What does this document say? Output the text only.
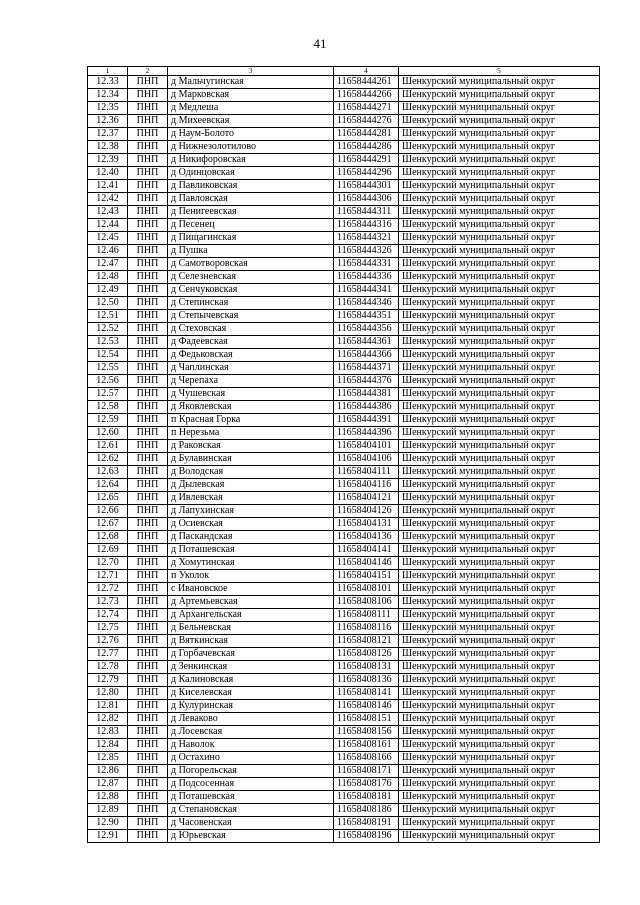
41
1	2	3	4	5
12.33	ПНП	д Мальчугинская	11658444261	Шенкурский муниципальный округ
12.34	ПНП	д Марковская	11658444266	Шенкурский муниципальный округ
12.35	ПНП	д Медлеша	11658444271	Шенкурский муниципальный округ
12.36	ПНП	д Михеевская	11658444276	Шенкурский муниципальный округ
12.37	ПНП	д Наум-Болото	11658444281	Шенкурский муниципальный округ
12.38	ПНП	д Нижнезолотилово	11658444286	Шенкурский муниципальный округ
12.39	ПНП	д Никифоровская	11658444291	Шенкурский муниципальный округ
12.40	ПНП	д Одинцовская	11658444296	Шенкурский муниципальный округ
12.41	ПНП	д Павликовская	11658444301	Шенкурский муниципальный округ
12.42	ПНП	д Павловская	11658444306	Шенкурский муниципальный округ
12.43	ПНП	д Пенигеевская	11658444311	Шенкурский муниципальный округ
12.44	ПНП	д Песенец	11658444316	Шенкурский муниципальный округ
12.45	ПНП	д Пищагинская	11658444321	Шенкурский муниципальный округ
12.46	ПНП	д Пушка	11658444326	Шенкурский муниципальный округ
12.47	ПНП	д Самотворовская	11658444331	Шенкурский муниципальный округ
12.48	ПНП	д Селезневская	11658444336	Шенкурский муниципальный округ
12.49	ПНП	д Сенчуковская	11658444341	Шенкурский муниципальный округ
12.50	ПНП	д Степинская	11658444346	Шенкурский муниципальный округ
12.51	ПНП	д Степычевская	11658444351	Шенкурский муниципальный округ
12.52	ПНП	д Стеховская	11658444356	Шенкурский муниципальный округ
12.53	ПНП	д Фадеевская	11658444361	Шенкурский муниципальный округ
12.54	ПНП	д Федьковская	11658444366	Шенкурский муниципальный округ
12.55	ПНП	д Чаплинская	11658444371	Шенкурский муниципальный округ
12.56	ПНП	д Черепаха	11658444376	Шенкурский муниципальный округ
12.57	ПНП	д Чушевская	11658444381	Шенкурский муниципальный округ
12.58	ПНП	д Яковлевская	11658444386	Шенкурский муниципальный округ
12.59	ПНП	п Красная Горка	11658444391	Шенкурский муниципальный округ
12.60	ПНП	п Нерезьма	11658444396	Шенкурский муниципальный округ
12.61	ПНП	д Раковская	11658404101	Шенкурский муниципальный округ
12.62	ПНП	д Булавинская	11658404106	Шенкурский муниципальный округ
12.63	ПНП	д Володская	11658404111	Шенкурский муниципальный округ
12.64	ПНП	д Дылевская	11658404116	Шенкурский муниципальный округ
12.65	ПНП	д Ивлевская	11658404121	Шенкурский муниципальный округ
12.66	ПНП	д Лапухинская	11658404126	Шенкурский муниципальный округ
12.67	ПНП	д Осиевская	11658404131	Шенкурский муниципальный округ
12.68	ПНП	д Паскандская	11658404136	Шенкурский муниципальный округ
12.69	ПНП	д Поташевская	11658404141	Шенкурский муниципальный округ
12.70	ПНП	д Хомутинская	11658404146	Шенкурский муниципальный округ
12.71	ПНП	п Уколок	11658404151	Шенкурский муниципальный округ
12.72	ПНП	с Ивановское	11658408101	Шенкурский муниципальный округ
12.73	ПНП	д Артемьевская	11658408106	Шенкурский муниципальный округ
12.74	ПНП	д Архангельская	11658408111	Шенкурский муниципальный округ
12.75	ПНП	д Бельневская	11658408116	Шенкурский муниципальный округ
12.76	ПНП	д Вяткинская	11658408121	Шенкурский муниципальный округ
12.77	ПНП	д Горбачевская	11658408126	Шенкурский муниципальный округ
12.78	ПНП	д Зенкинская	11658408131	Шенкурский муниципальный округ
12.79	ПНП	д Калиновская	11658408136	Шенкурский муниципальный округ
12.80	ПНП	д Киселевская	11658408141	Шенкурский муниципальный округ
12.81	ПНП	д Кулуринская	11658408146	Шенкурский муниципальный округ
12.82	ПНП	д Леваково	11658408151	Шенкурский муниципальный округ
12.83	ПНП	д Лосевская	11658408156	Шенкурский муниципальный округ
12.84	ПНП	д Наволок	11658408161	Шенкурский муниципальный округ
12.85	ПНП	д Остахино	11658408166	Шенкурский муниципальный округ
12.86	ПНП	д Погорельская	11658408171	Шенкурский муниципальный округ
12.87	ПНП	д Подсосенная	11658408176	Шенкурский муниципальный округ
12.88	ПНП	д Поташевская	11658408181	Шенкурский муниципальный округ
12.89	ПНП	д Степановская	11658408186	Шенкурский муниципальный округ
12.90	ПНП	д Часовенская	11658408191	Шенкурский муниципальный округ
12.91	ПНП	д Юрьевская	11658408196	Шенкурский муниципальный округ
